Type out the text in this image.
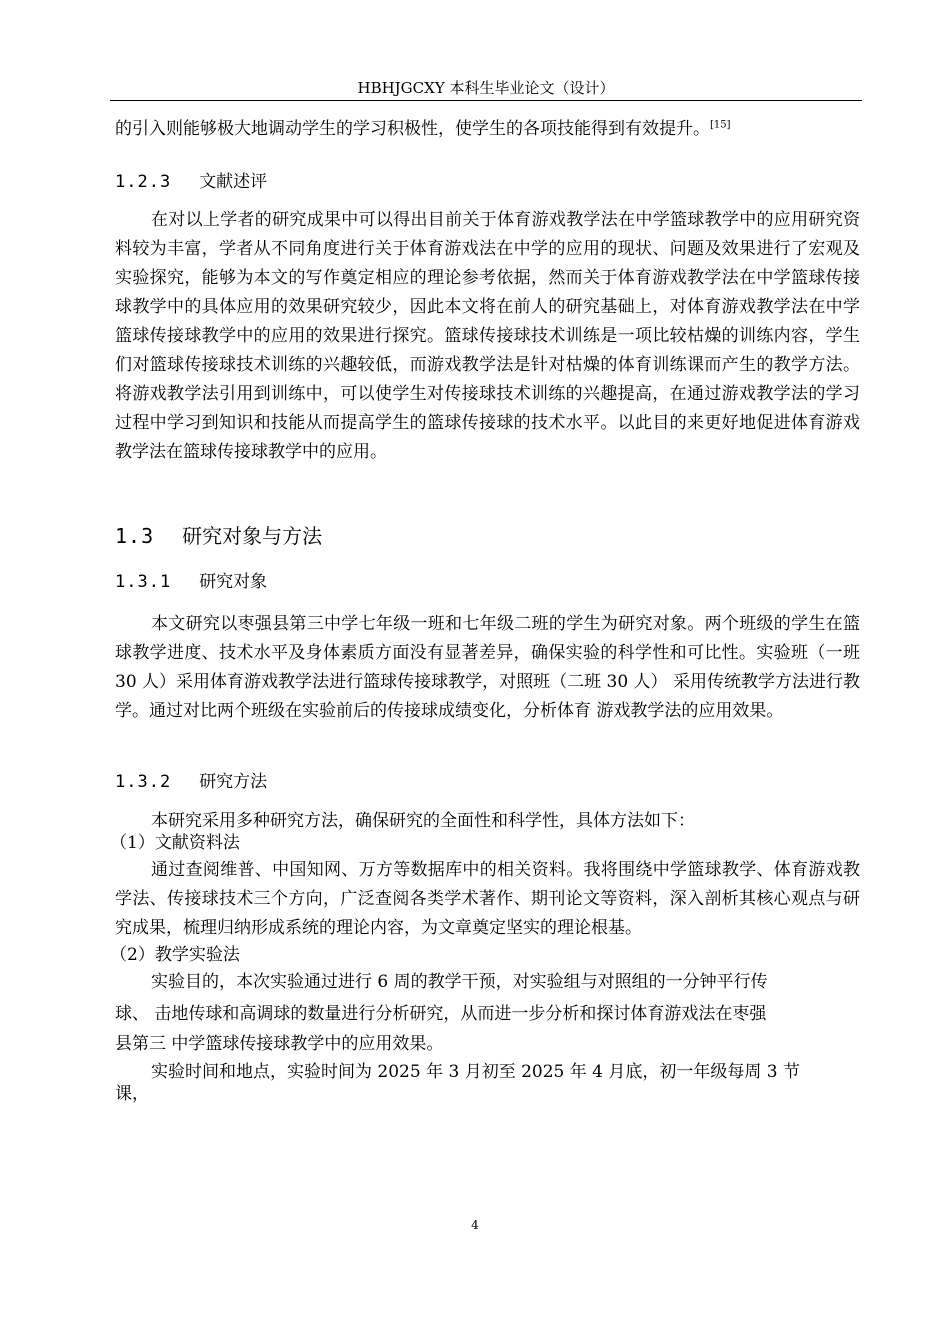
HBHJGCXY 本科生毕业论文（设计）

的引入则能够极大地调动学生的学习积极性，使学生的各项技能得到有效提升。[15]

1.2.3 文献述评

在对以上学者的研究成果中可以得出目前关于体育游戏教学法在中学篮球教学中的应用研究资料较为丰富，学者从不同角度进行关于体育游戏法在中学的应用的现状、问题及效果进行了宏观及实验探究，能够为本文的写作奠定相应的理论参考依据，然而关于体育游戏教学法在中学篮球传接球教学中的具体应用的效果研究较少，因此本文将在前人的研究基础上，对体育游戏教学法在中学篮球传接球教学中的应用的效果进行探究。篮球传接球技术训练是一项比较枯燥的训练内容，学生们对篮球传接球技术训练的兴趣较低，而游戏教学法是针对枯燥的体育训练课而产生的教学方法。将游戏教学法引用到训练中，可以使学生对传接球技术训练的兴趣提高，在通过游戏教学法的学习过程中学习到知识和技能从而提高学生的篮球传接球的技术水平。以此目的来更好地促进体育游戏教学法在篮球传接球教学中的应用。

1.3 研究对象与方法

1.3.1 研究对象

本文研究以枣强县第三中学七年级一班和七年级二班的学生为研究对象。两个班级的学生在篮球教学进度、技术水平及身体素质方面没有显著差异，确保实验的科学性和可比性。实验班（一班 30 人）采用体育游戏教学法进行篮球传接球教学，对照班（二班 30 人） 采用传统教学方法进行教学。通过对比两个班级在实验前后的传接球成绩变化，分析体育 游戏教学法的应用效果。

1.3.2 研究方法

本研究采用多种研究方法，确保研究的全面性和科学性，具体方法如下：

（1）文献资料法

通过查阅维普、中国知网、万方等数据库中的相关资料。我将围绕中学篮球教学、体育游戏教学法、传接球技术三个方向，广泛查阅各类学术著作、期刊论文等资料，深入剖析其核心观点与研究成果，梳理归纳形成系统的理论内容，为文章奠定坚实的理论根基。

（2）教学实验法

实验目的，本次实验通过进行 6 周的教学干预，对实验组与对照组的一分钟平行传

球、 击地传球和高调球的数量进行分析研究，从而进一步分析和探讨体育游戏法在枣强

县第三 中学篮球传接球教学中的应用效果。

实验时间和地点，实验时间为 2025 年 3 月初至 2025 年 4 月底，初一年级每周 3 节

课，

4
